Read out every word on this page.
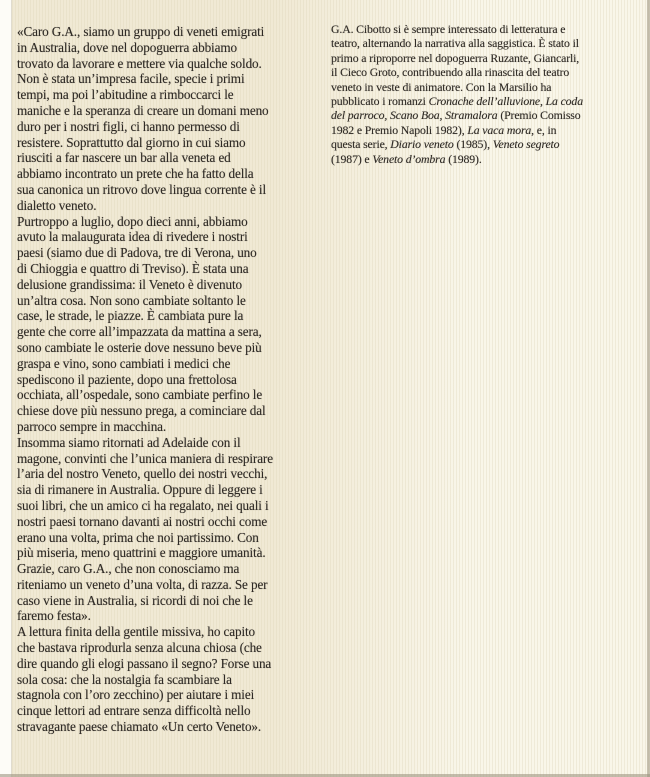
«Caro G.A., siamo un gruppo di veneti emigrati
in Australia, dove nel dopoguerra abbiamo
trovato da lavorare e mettere via qualche soldo.
Non è stata un’impresa facile, specie i primi
tempi, ma poi l’abitudine a rimboccarci le
maniche e la speranza di creare un domani meno
duro per i nostri figli, ci hanno permesso di
resistere. Soprattutto dal giorno in cui siamo
riusciti a far nascere un bar alla veneta ed
abbiamo incontrato un prete che ha fatto della
sua canonica un ritrovo dove lingua corrente è il
dialetto veneto.
Purtroppo a luglio, dopo dieci anni, abbiamo
avuto la malaugurata idea di rivedere i nostri
paesi (siamo due di Padova, tre di Verona, uno
di Chioggia e quattro di Treviso). È stata una
delusione grandissima: il Veneto è divenuto
un’altra cosa. Non sono cambiate soltanto le
case, le strade, le piazze. È cambiata pure la
gente che corre all’impazzata da mattina a sera,
sono cambiate le osterie dove nessuno beve più
graspa e vino, sono cambiati i medici che
spediscono il paziente, dopo una frettolosa
occhiata, all’ospedale, sono cambiate perfino le
chiese dove più nessuno prega, a cominciare dal
parroco sempre in macchina.
Insomma siamo ritornati ad Adelaide con il
magone, convinti che l’unica maniera di respirare
l’aria del nostro Veneto, quello dei nostri vecchi,
sia di rimanere in Australia. Oppure di leggere i
suoi libri, che un amico ci ha regalato, nei quali i
nostri paesi tornano davanti ai nostri occhi come
erano una volta, prima che noi partissimo. Con
più miseria, meno quattrini e maggiore umanità.
Grazie, caro G.A., che non conosciamo ma
riteniamo un veneto d’una volta, di razza. Se per
caso viene in Australia, si ricordi di noi che le
faremo festa».
A lettura finita della gentile missiva, ho capito
che bastava riprodurla senza alcuna chiosa (che
dire quando gli elogi passano il segno? Forse una
sola cosa: che la nostalgia fa scambiare la
stagnola con l’oro zecchino) per aiutare i miei
cinque lettori ad entrare senza difficoltà nello
stravagante paese chiamato «Un certo Veneto».
G.A. Cibotto si è sempre interessato di letteratura e
teatro, alternando la narrativa alla saggistica. È stato il
primo a riproporre nel dopoguerra Ruzante, Giancarli,
il Cieco Groto, contribuendo alla rinascita del teatro
veneto in veste di animatore. Con la Marsilio ha
pubblicato i romanzi Cronache dell’alluvione, La coda
del parroco, Scano Boa, Stramalora (Premio Comisso
1982 e Premio Napoli 1982), La vaca mora, e, in
questa serie, Diario veneto (1985), Veneto segreto
(1987) e Veneto d’ombra (1989).
